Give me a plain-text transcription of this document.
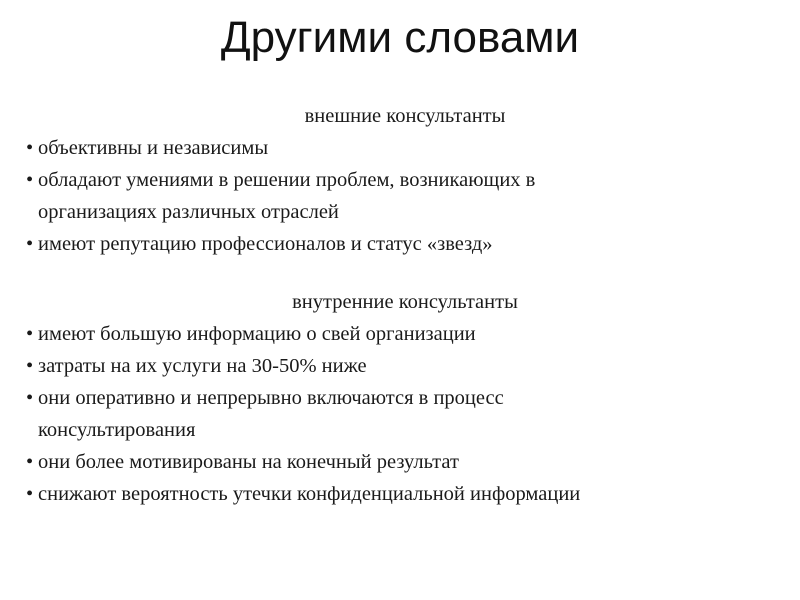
Другими словами
внешние консультанты
• объективны и независимы
• обладают умениями в решении проблем, возникающих в
организациях различных отраслей
• имеют репутацию профессионалов и статус «звезд»
внутренние консультанты
• имеют большую информацию о свей организации
• затраты на их услуги на 30-50% ниже
• они оперативно и непрерывно включаются в процесс
консультирования
• они более мотивированы на конечный результат
• снижают вероятность утечки конфиденциальной информации
